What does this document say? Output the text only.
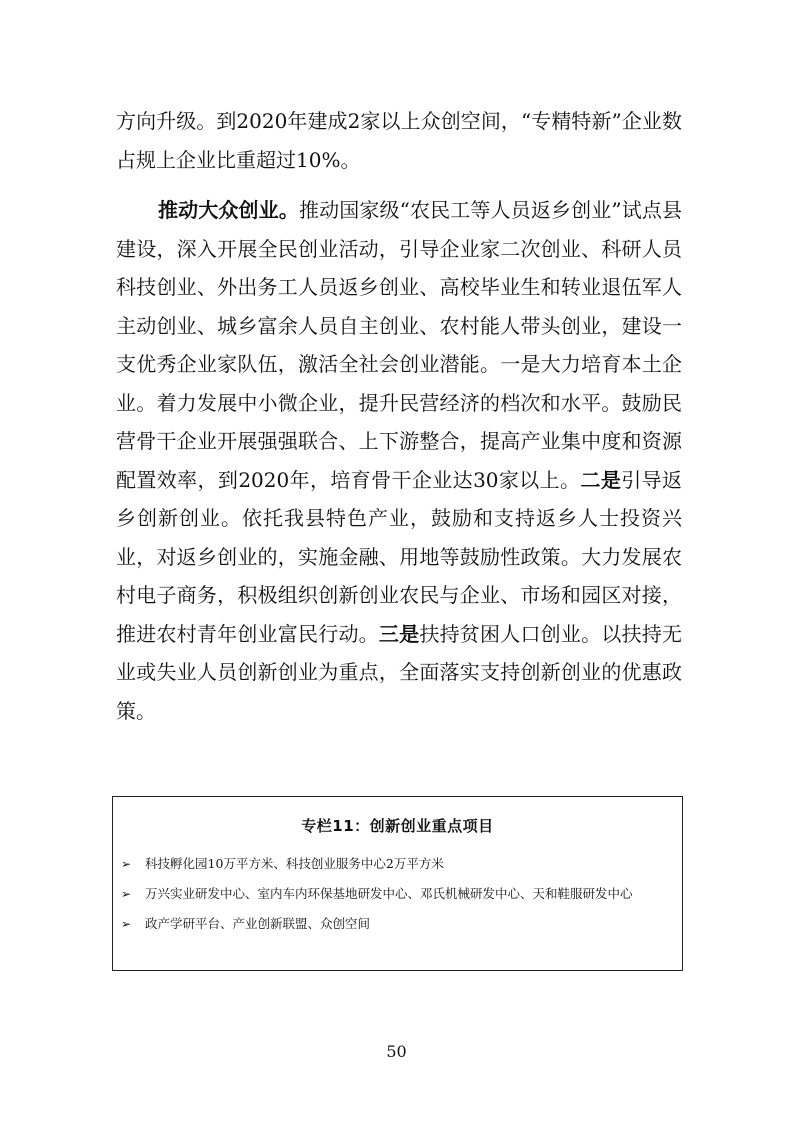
方向升级。到2020年建成2家以上众创空间，“专精特新”企业数占规上企业比重超过10%。

推动大众创业。推动国家级“农民工等人员返乡创业”试点县建设，深入开展全民创业活动，引导企业家二次创业、科研人员科技创业、外出务工人员返乡创业、高校毕业生和转业退伍军人主动创业、城乡富余人员自主创业、农村能人带头创业，建设一支优秀企业家队伍，激活全社会创业潜能。一是大力培育本土企业。着力发展中小微企业，提升民营经济的档次和水平。鼓励民营骨干企业开展强强联合、上下游整合，提高产业集中度和资源配置效率，到2020年，培育骨干企业达30家以上。二是引导返乡创新创业。依托我县特色产业，鼓励和支持返乡人士投资兴业，对返乡创业的，实施金融、用地等鼓励性政策。大力发展农村电子商务，积极组织创新创业农民与企业、市场和园区对接，推进农村青年创业富民行动。三是扶持贫困人口创业。以扶持无业或失业人员创新创业为重点，全面落实支持创新创业的优惠政策。

专栏11：创新创业重点项目
➢ 科技孵化园10万平方米、科技创业服务中心2万平方米
➢ 万兴实业研发中心、室内车内环保基地研发中心、邓氏机械研发中心、天和鞋服研发中心
➢ 政产学研平台、产业创新联盟、众创空间
50
